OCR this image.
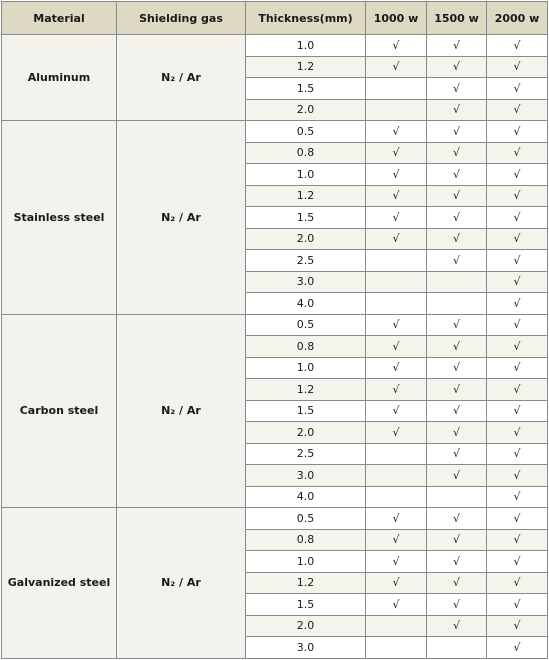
Material	Shielding gas	Thickness(mm)	1000 w	1500 w	2000 w
Aluminum	N₂ / Ar	1.0	√	√	√
		1.2	√	√	√
		1.5		√	√
		2.0		√	√
Stainless steel	N₂ / Ar	0.5	√	√	√
		0.8	√	√	√
		1.0	√	√	√
		1.2	√	√	√
		1.5	√	√	√
		2.0	√	√	√
		2.5		√	√
		3.0			√
		4.0			√
Carbon steel	N₂ / Ar	0.5	√	√	√
		0.8	√	√	√
		1.0	√	√	√
		1.2	√	√	√
		1.5	√	√	√
		2.0	√	√	√
		2.5		√	√
		3.0		√	√
		4.0			√
Galvanized steel	N₂ / Ar	0.5	√	√	√
		0.8	√	√	√
		1.0	√	√	√
		1.2	√	√	√
		1.5	√	√	√
		2.0		√	√
		3.0			√
